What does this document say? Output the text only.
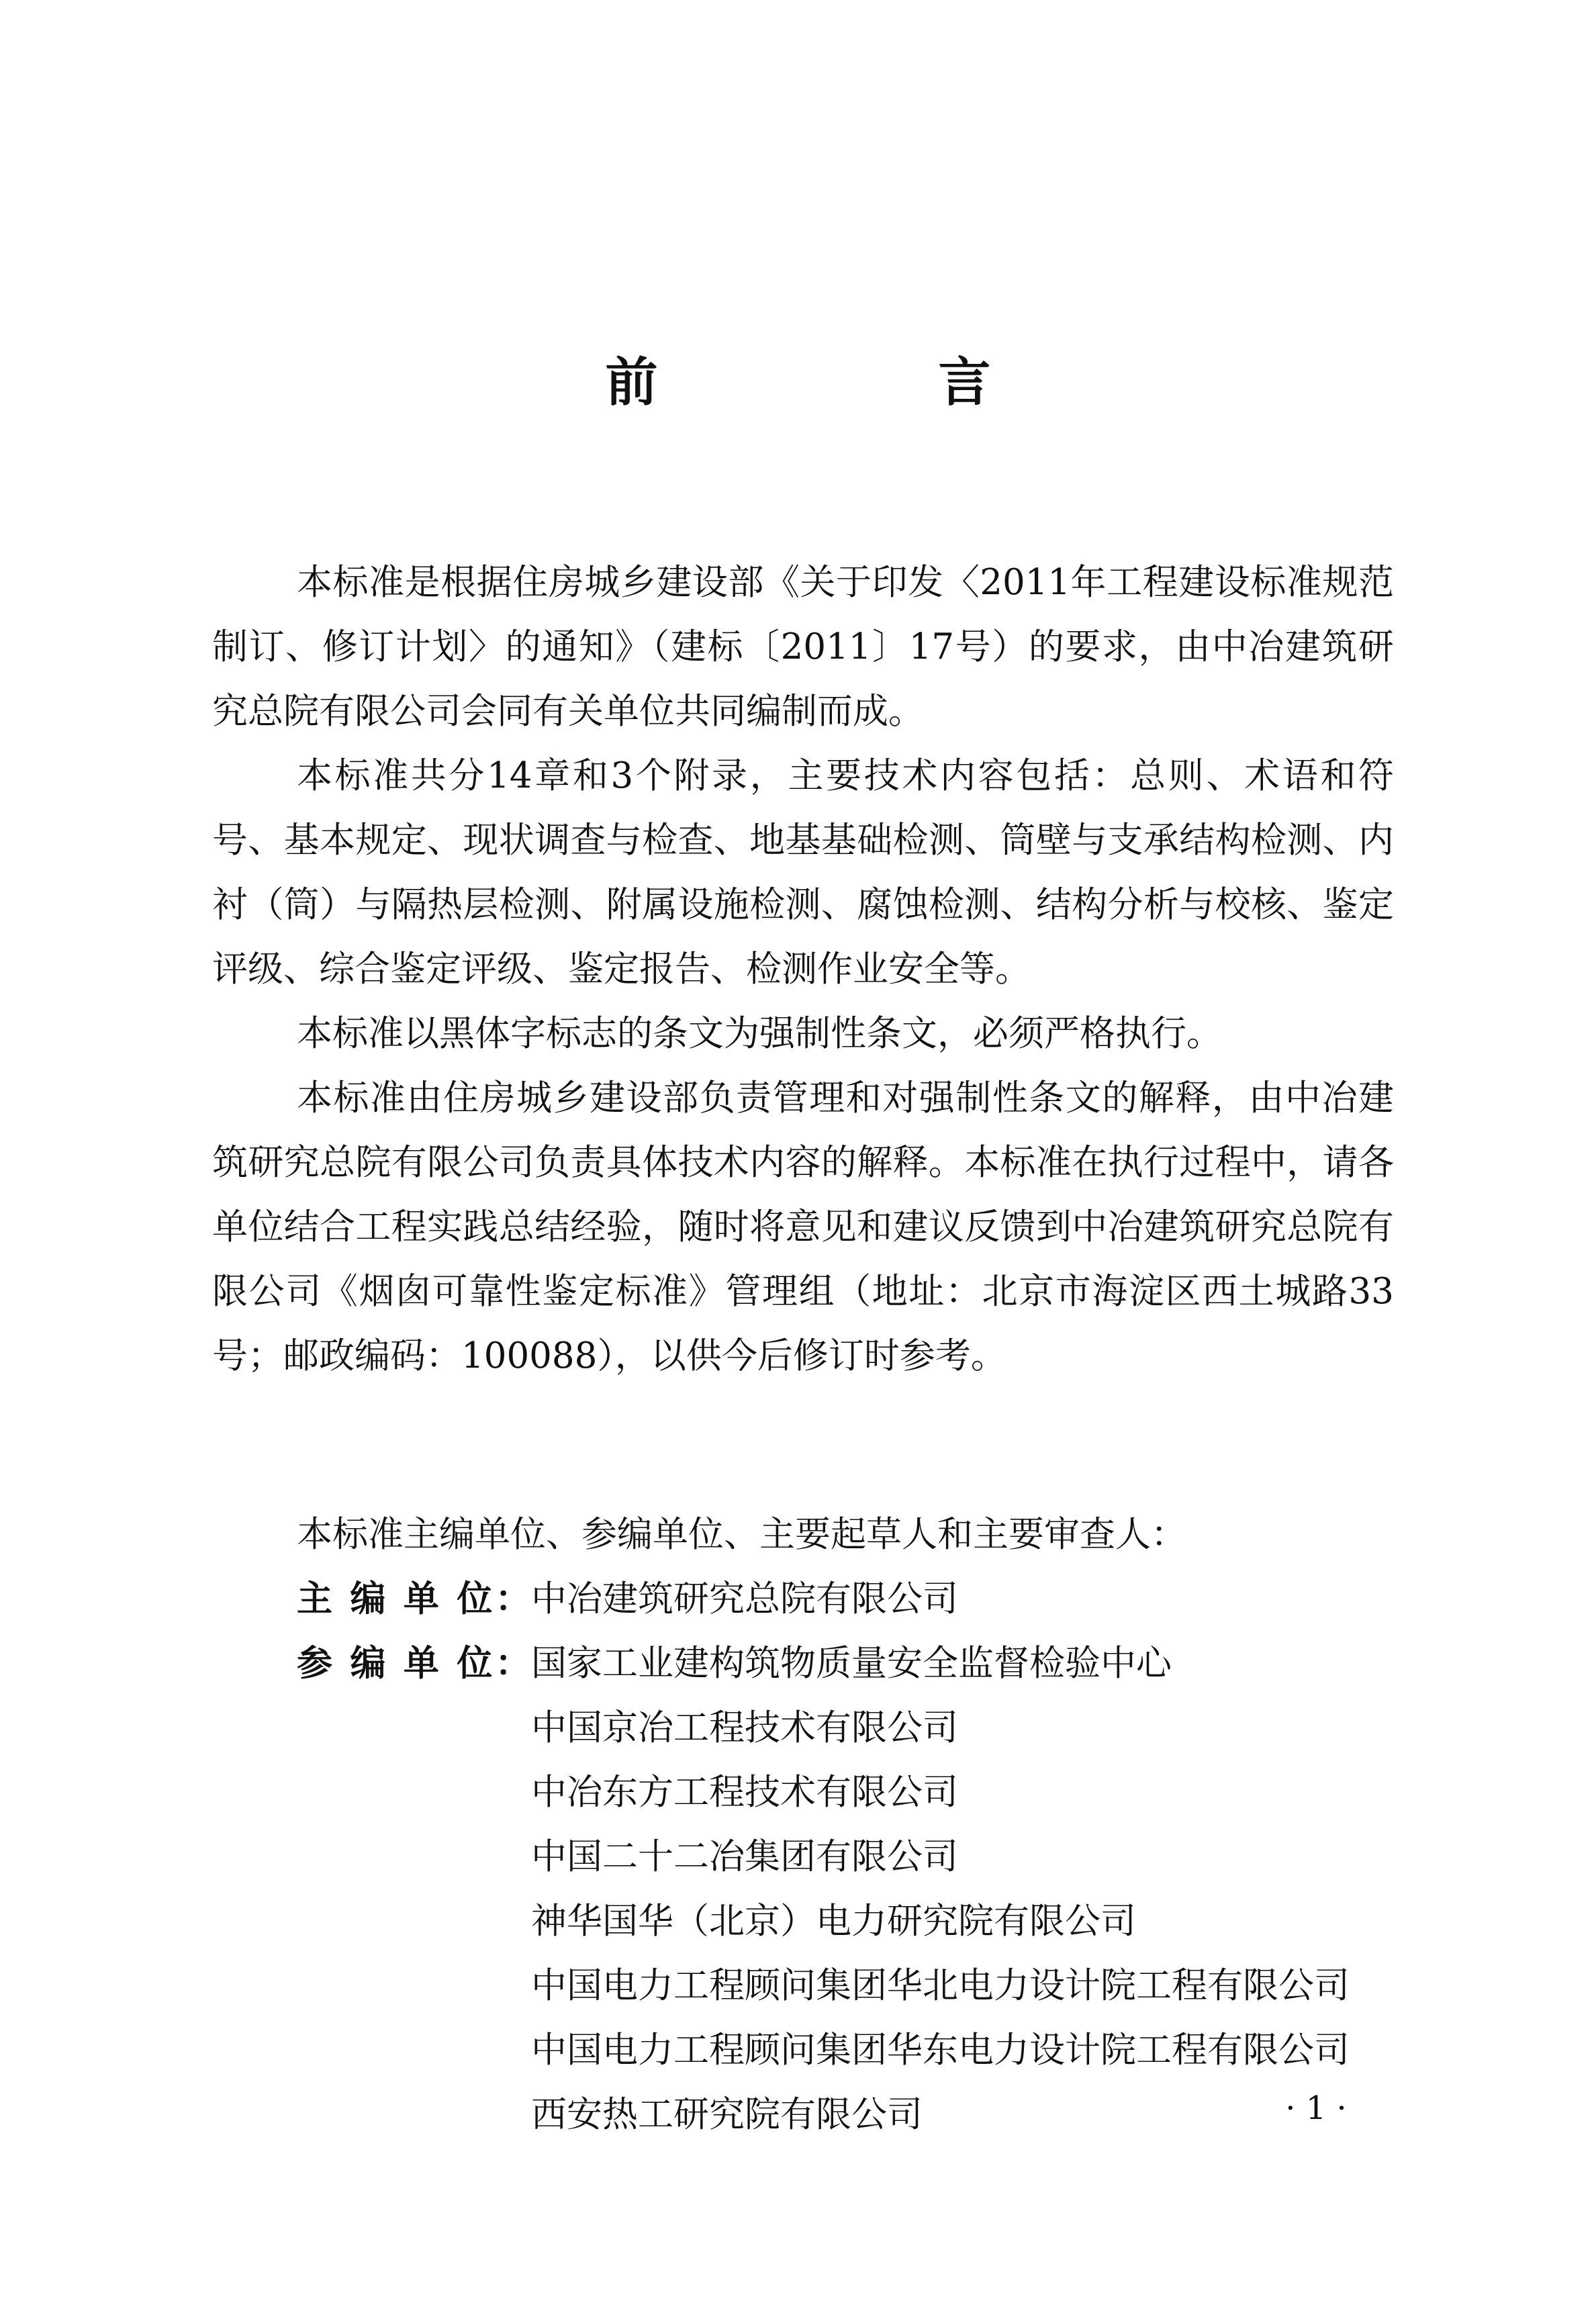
前　言

本标准是根据住房城乡建设部《关于印发〈2011年工程建设标准规范制订、修订计划〉的通知》（建标〔2011〕17号）的要求，由中冶建筑研究总院有限公司会同有关单位共同编制而成。

本标准共分14章和3个附录，主要技术内容包括：总则、术语和符号、基本规定、现状调查与检查、地基基础检测、筒壁与支承结构检测、内衬（筒）与隔热层检测、附属设施检测、腐蚀检测、结构分析与校核、鉴定评级、综合鉴定评级、鉴定报告、检测作业安全等。

本标准以黑体字标志的条文为强制性条文，必须严格执行。

本标准由住房城乡建设部负责管理和对强制性条文的解释，由中冶建筑研究总院有限公司负责具体技术内容的解释。本标准在执行过程中，请各单位结合工程实践总结经验，随时将意见和建议反馈到中冶建筑研究总院有限公司《烟囱可靠性鉴定标准》管理组（地址：北京市海淀区西土城路33号；邮政编码：100088），以供今后修订时参考。

本标准主编单位、参编单位、主要起草人和主要审查人：

主 编 单 位：
中冶建筑研究总院有限公司
参 编 单 位：
国家工业建构筑物质量安全监督检验中心
中国京冶工程技术有限公司
中冶东方工程技术有限公司
中国二十二冶集团有限公司
神华国华（北京）电力研究院有限公司
中国电力工程顾问集团华北电力设计院工程有限公司
中国电力工程顾问集团华东电力设计院工程有限公司
西安热工研究院有限公司	· 1 ·
